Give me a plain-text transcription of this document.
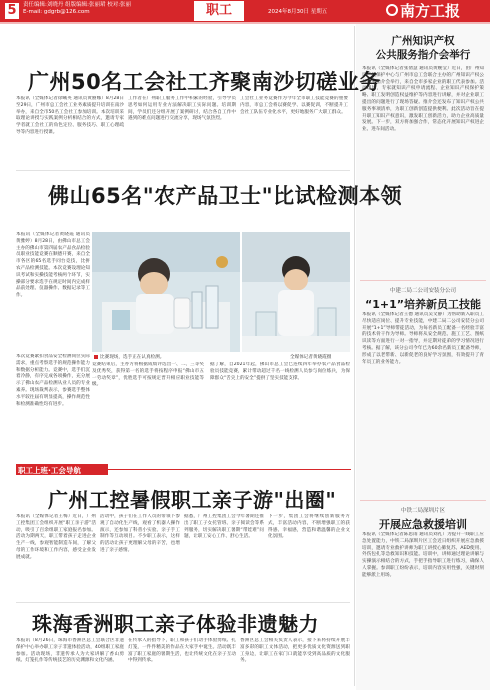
5	责任编辑:刘晓丹 组版编辑:张丽珺 校对:张丽
E-mail: gdgrb@126.com	职工	2024年8月30日 星期五	南方工报
广州50名工会社工齐聚南沙切磋业务
本报讯（全媒体记者徐曦英 通讯员黄丽娜）8月28日至29日，广州市总工会社工业务素质提升培训在南沙举办，来自全市50名工会社工参加培训。本次培训采取理论讲授与实践案例分析相结合的方式，邀请专家学者就工会社工的角色定位、服务技巧、职工心理疏导等内容进行授课。
工作者在广州职工服务工作中积累的经验，引导学员思考如何运用专业方法解决职工实际问题。培训期间，学员们还分组开展了案例研讨，结合各自工作中遇到的难点问题进行交流分享，现场气氛热烈。
工会社工业务竞赛作为今年全市职工技能竞赛的重要内容，市总工会将以赛促学、以赛促训，不断提升工会社工队伍专业化水平，更好地服务广大职工群众。
佛山65名"农产品卫士"比试检测本领
本报讯（全媒体记者黄晓霞 通讯员黄雅婷）8月28日，由佛山市总工会主办的佛山市第四届农产品食品检验员职业技能竞赛在顺德开赛，来自全市各区的65名选手同台竞技，比拼农产品检测技能。本次竞赛设理论知识考试和实操技能考核两个环节，实操部分要求选手在规定时间内完成样品前处理、仪器操作、数据记录等工作。
本次竞赛紧扣食品安全检测岗位实际需求，重点考察选手的规范操作能力和数据分析能力。竞赛中，选手们沉着冷静，有序完成各项操作，充分展示了佛山农产品检测从业人员的专业素养。现场裁判表示，参赛选手整体水平较往届有明显提高，操作规范性和检测准确性均有进步。
比赛现场，选手正在认真检测。	全媒体记者黄晓霞摄
竞赛结束后，主办方将根据成绩评选出一、二、三等奖及优秀奖，获得第一名的选手将按程序申报“佛山市五一劳动奖章”，优胜选手可按规定晋升相应职业技能等级。
据了解，自2021年起，佛山市总工会已连续四年举办农产品食品检验员技能竞赛，累计带动超过千名一线检测人员参与岗位练兵，为保障群众“舌尖上的安全”提供了坚实技能支撑。
职工上班·工会导航
广州工控暑假职工亲子游"出圈"
本报讯（全媒体记者王梅）近日，广州工控集团工会组织开展“职工亲子游”活动，吸引了百余组职工家庭报名参加。活动为期两天，职工带着孩子走进企业生产一线，参观智能制造车间，了解父母的工作环境和工作内容，感受企业发展成就。
活动中，孩子们在工作人员的带领下参观了自动化生产线，观看了机器人操作演示，还参加了科普小实验、亲子手工制作等互动项目。不少职工表示，这样的活动让孩子更理解父母的辛苦，也增进了亲子感情。
据悉，广州工控集团工会今年暑期还推出了职工子女托管班、亲子阅读会等系列服务，切实解决职工暑期“带娃难”问题，让职工安心工作、舒心生活。
下一步，集团工会将继续创新服务方式，丰富活动内容，不断增强职工的获得感、幸福感，营造和谐温馨的企业文化氛围。
珠海香洲职工亲子体验非遗魅力
本报讯（8月26日，珠海市香洲区总工会联合区非遗保护中心举办职工亲子非遗体验活动，40组职工家庭参加。活动现场，非遗传承人为大家讲解了香山剪纸、灯笼扎作等传统技艺的历史渊源和文化内涵。
在传承人的指导下，职工和孩子们动手体验剪纸、扎灯笼，一件件精美的作品在大家手中诞生。活动既丰富了职工家庭的暑期生活，也让传统文化在亲子互动中得到传承。
香洲区总工会相关负责人表示，接下来将持续开展丰富多彩的职工文体活动，把更多优质文化资源送到职工身边，让职工在家门口就能享受到高品质的文化服务。
广州知识产权
公共服务指介会举行
本报讯（全媒体记者张倩慧 通讯员黄婉莹）近日，由广州知识产权保护中心与广州市总工会联合主办的广州知识产权公共服务指介会举行，来自全市多家企业的职工代表参加。活动现场，专家就知识产权申请流程、企业知识产权保护策略、职工发明创造权益维护等内容进行讲解，并对企业职工提出的问题进行了现场答疑。推介会还发布了知识产权公共服务事项清单，为职工创新创造提供便利。此次活动旨在提升职工知识产权意识，激发职工创新活力，助力企业高质量发展。下一步，双方将加强合作，常态化开展知识产权进企业、进车间活动。
中建二局二公司安装分公司
“1+1”培养新员工技能
本报讯（全媒体记者王德 通讯员吴文静）为帮助新入职员工尽快适应岗位、提升专业技能，中建二局二公司安装分公司开展“1+1”导师带徒活动，为每名新员工配备一名经验丰富的技术骨干作为导师。导师将从安全规范、施工工艺、图纸识读等方面进行一对一指导，并定期对徒弟的学习情况进行考核。据了解，该分公司今年已为60余名新员工配备导师，形成了以老带新、以新促老的良好学习氛围，有效提升了青年员工的业务能力。
中铁二局深圳片区
开展应急救援培训
本报讯（全媒体记者陈思雨 通讯员刘礼）为提升一线职工应急处置能力，中铁二局深圳片区工会近日组织开展应急救援培训，邀请专业救护讲师为职工讲授心肺复苏、AED使用、外伤包扎等急救知识和技能。培训中，讲师通过理论讲解与实操演示相结合的方式，手把手指导职工进行练习，确保人人掌握。参训职工纷纷表示，培训内容实用性强，关键时刻能够派上用场。
